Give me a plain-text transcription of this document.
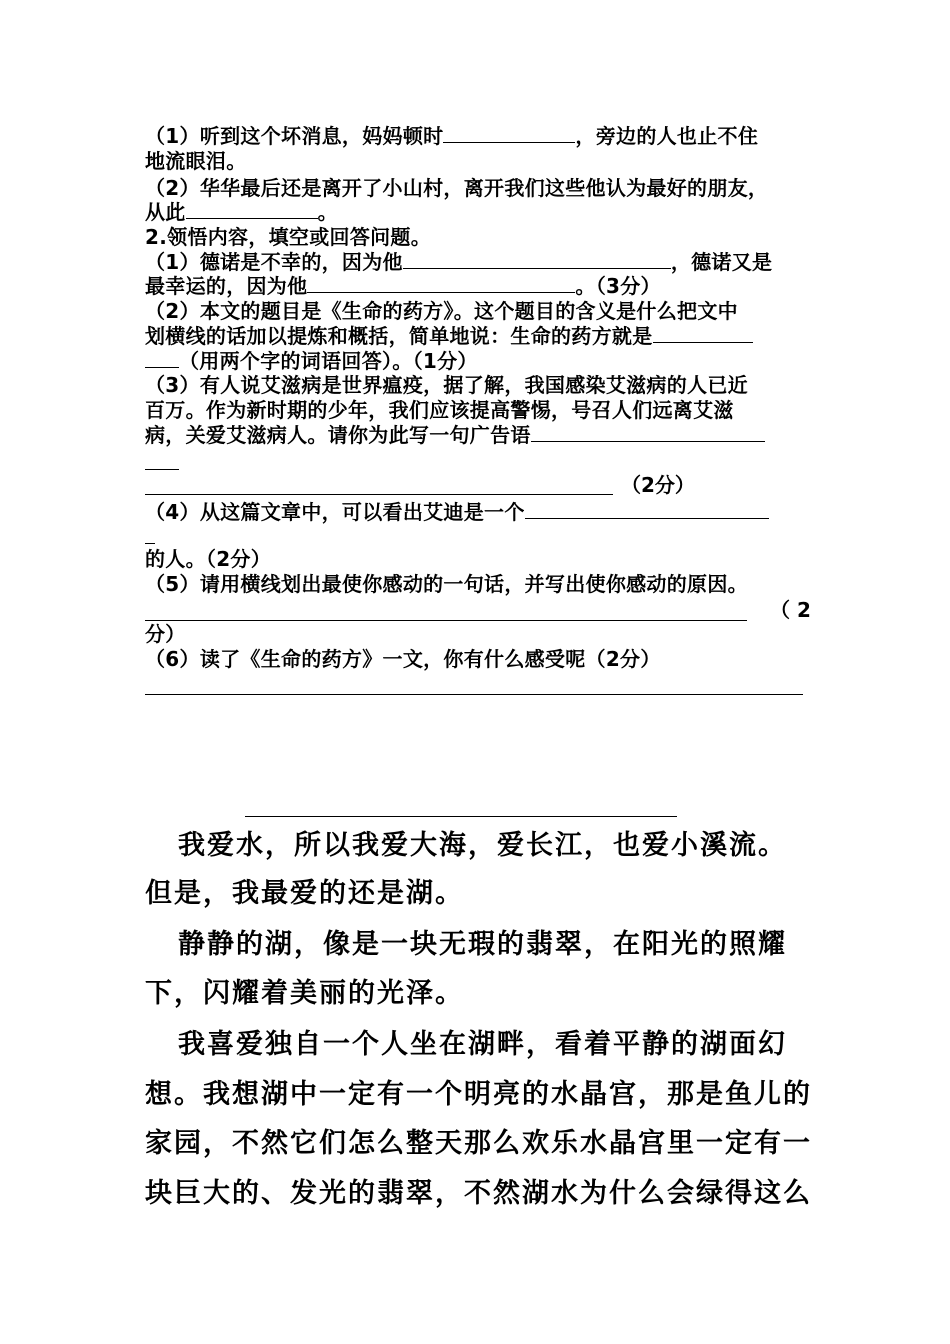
（1）听到这个坏消息，妈妈顿时	，旁边的人也止不住
地流眼泪。
（2）华华最后还是离开了小山村，离开我们这些他认为最好的朋友，
从此	。
2.领悟内容，填空或回答问题。
（1）德诺是不幸的，因为他	，德诺又是
最幸运的，因为他	。（3分）
（2）本文的题目是《生命的药方》。这个题目的含义是什么把文中
划横线的话加以提炼和概括，简单地说：生命的药方就是
（用两个字的词语回答）。（1分）
（3）有人说艾滋病是世界瘟疫，据了解，我国感染艾滋病的人已近
百万。作为新时期的少年，我们应该提高警惕，号召人们远离艾滋
病，关爱艾滋病人。请你为此写一句广告语
（2分）
（4）从这篇文章中，可以看出艾迪是一个
的人。（2分）
（5）请用横线划出最使你感动的一句话，并写出使你感动的原因。
（ 2
分）
（6）读了《生命的药方》一文，你有什么感受呢（2分）
我爱水，所以我爱大海，爱长江，也爱小溪流。
但是，我最爱的还是湖。
静静的湖，像是一块无瑕的翡翠，在阳光的照耀
下，闪耀着美丽的光泽。
我喜爱独自一个人坐在湖畔，看着平静的湖面幻
想。我想湖中一定有一个明亮的水晶宫，那是鱼儿的
家园，不然它们怎么整天那么欢乐水晶宫里一定有一
块巨大的、发光的翡翠，不然湖水为什么会绿得这么
